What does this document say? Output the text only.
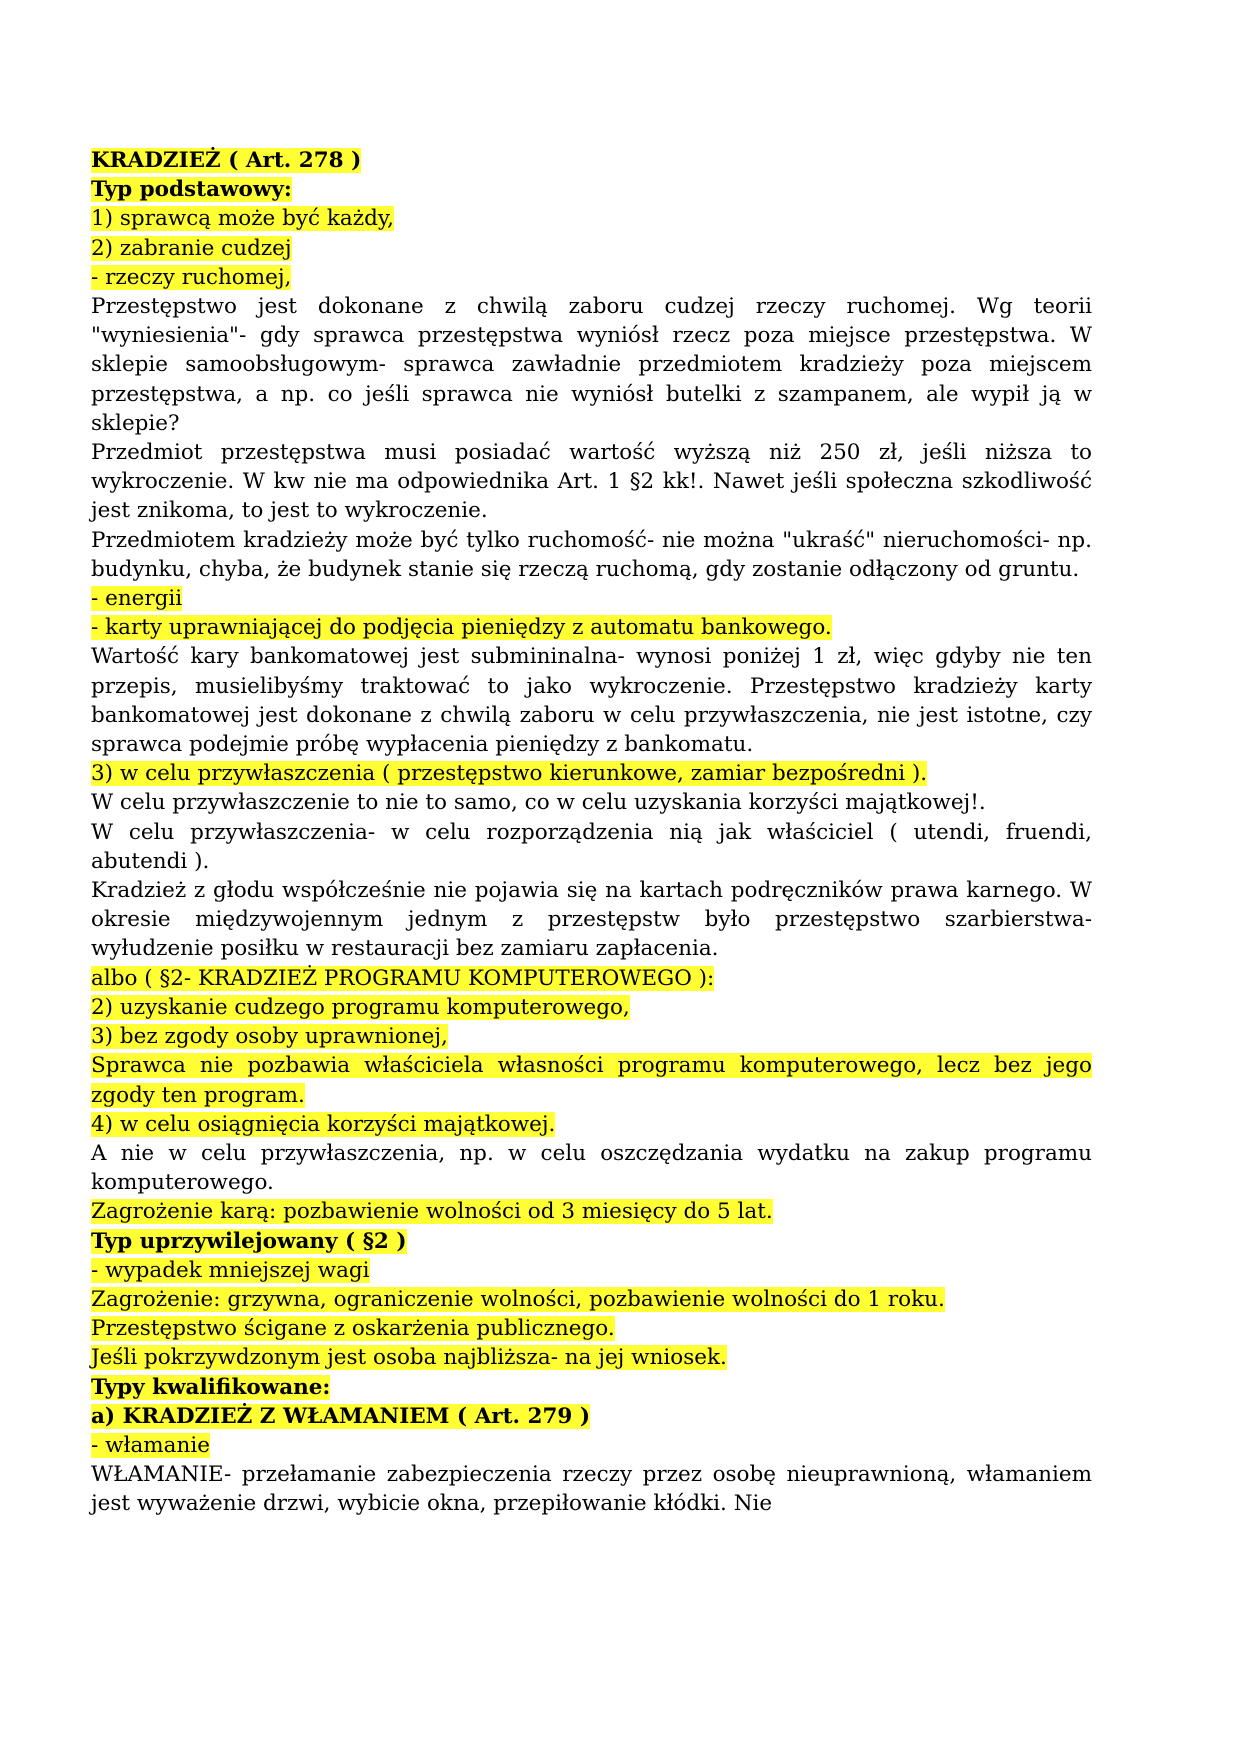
KRADZIEŻ ( Art. 278 )
Typ podstawowy:
1) sprawcą może być każdy,
2) zabranie cudzej
- rzeczy ruchomej,
Przestępstwo jest dokonane z chwilą zaboru cudzej rzeczy ruchomej. Wg teorii "wyniesienia"- gdy sprawca przestępstwa wyniósł rzecz poza miejsce przestępstwa. W sklepie samoobsługowym- sprawca zawładnie przedmiotem kradzieży poza miejscem przestępstwa, a np. co jeśli sprawca nie wyniósł butelki z szampanem, ale wypił ją w sklepie?
Przedmiot przestępstwa musi posiadać wartość wyższą niż 250 zł, jeśli niższa to wykroczenie. W kw nie ma odpowiednika Art. 1 §2 kk!. Nawet jeśli społeczna szkodliwość jest znikoma, to jest to wykroczenie.
Przedmiotem kradzieży może być tylko ruchomość- nie można "ukraść" nieruchomości- np. budynku, chyba, że budynek stanie się rzeczą ruchomą, gdy zostanie odłączony od gruntu.
- energii
- karty uprawniającej do podjęcia pieniędzy z automatu bankowego.
Wartość kary bankomatowej jest submininalna- wynosi poniżej 1 zł, więc gdyby nie ten przepis, musielibyśmy traktować to jako wykroczenie. Przestępstwo kradzieży karty bankomatowej jest dokonane z chwilą zaboru w celu przywłaszczenia, nie jest istotne, czy sprawca podejmie próbę wypłacenia pieniędzy z bankomatu.
3) w celu przywłaszczenia ( przestępstwo kierunkowe, zamiar bezpośredni ).
W celu przywłaszczenie to nie to samo, co w celu uzyskania korzyści majątkowej!.
W celu przywłaszczenia- w celu rozporządzenia nią jak właściciel ( utendi, fruendi, abutendi ).
Kradzież z głodu współcześnie nie pojawia się na kartach podręczników prawa karnego. W okresie międzywojennym jednym z przestępstw było przestępstwo szarbierstwa- wyłudzenie posiłku w restauracji bez zamiaru zapłacenia.
albo ( §2- KRADZIEŻ PROGRAMU KOMPUTEROWEGO ):
2) uzyskanie cudzego programu komputerowego,
3) bez zgody osoby uprawnionej,
Sprawca nie pozbawia właściciela własności programu komputerowego, lecz bez jego zgody ten program.
4) w celu osiągnięcia korzyści majątkowej.
A nie w celu przywłaszczenia, np. w celu oszczędzania wydatku na zakup programu komputerowego.
Zagrożenie karą: pozbawienie wolności od 3 miesięcy do 5 lat.
Typ uprzywilejowany ( §2 )
- wypadek mniejszej wagi
Zagrożenie: grzywna, ograniczenie wolności, pozbawienie wolności do 1 roku.
Przestępstwo ścigane z oskarżenia publicznego.
Jeśli pokrzywdzonym jest osoba najbliższa- na jej wniosek.
Typy kwalifikowane:
a) KRADZIEŻ Z WŁAMANIEM ( Art. 279 )
- włamanie
WŁAMANIE- przełamanie zabezpieczenia rzeczy przez osobę nieuprawnioną, włamaniem jest wyważenie drzwi, wybicie okna, przepiłowanie kłódki. Nie
